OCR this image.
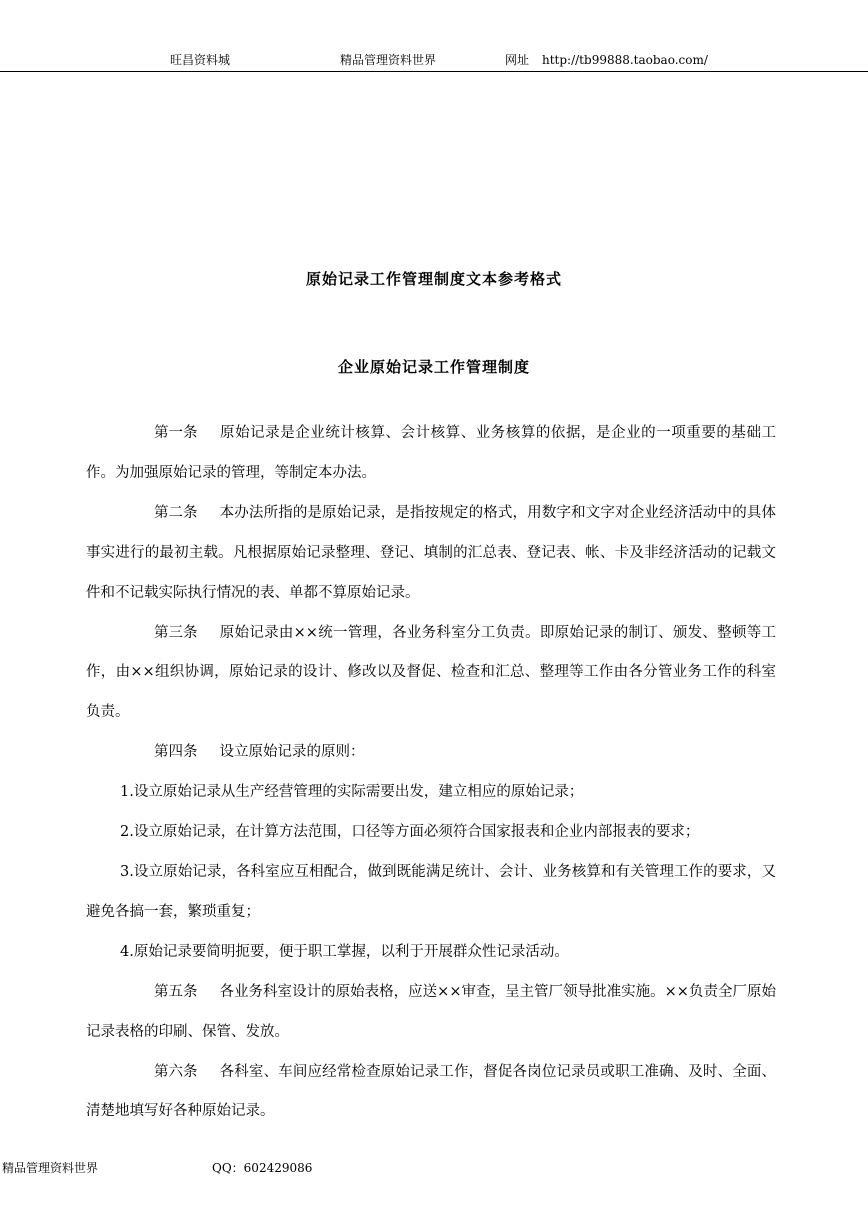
旺昌资料城	精品管理资料世界	网址 http://tb99888.taobao.com/
原始记录工作管理制度文本参考格式
企业原始记录工作管理制度

第一条 原始记录是企业统计核算、会计核算、业务核算的依据，是企业的一项重要的基础工作。为加强原始记录的管理，等制定本办法。

第二条 本办法所指的是原始记录，是指按规定的格式，用数字和文字对企业经济活动中的具体事实进行的最初主载。凡根据原始记录整理、登记、填制的汇总表、登记表、帐、卡及非经济活动的记载文件和不记载实际执行情况的表、单都不算原始记录。

第三条 原始记录由××统一管理，各业务科室分工负责。即原始记录的制订、颁发、整顿等工作，由××组织协调，原始记录的设计、修改以及督促、检查和汇总、整理等工作由各分管业务工作的科室负责。

第四条 设立原始记录的原则：

1.设立原始记录从生产经营管理的实际需要出发，建立相应的原始记录；

2.设立原始记录，在计算方法范围，口径等方面必须符合国家报表和企业内部报表的要求；

3.设立原始记录，各科室应互相配合，做到既能满足统计、会计、业务核算和有关管理工作的要求，又避免各搞一套，繁琐重复；

4.原始记录要简明扼要，便于职工掌握，以利于开展群众性记录活动。

第五条 各业务科室设计的原始表格，应送××审查，呈主管厂领导批准实施。××负责全厂原始记录表格的印刷、保管、发放。

第六条 各科室、车间应经常检查原始记录工作，督促各岗位记录员或职工准确、及时、全面、清楚地填写好各种原始记录。

精品管理资料世界	QQ：602429086
